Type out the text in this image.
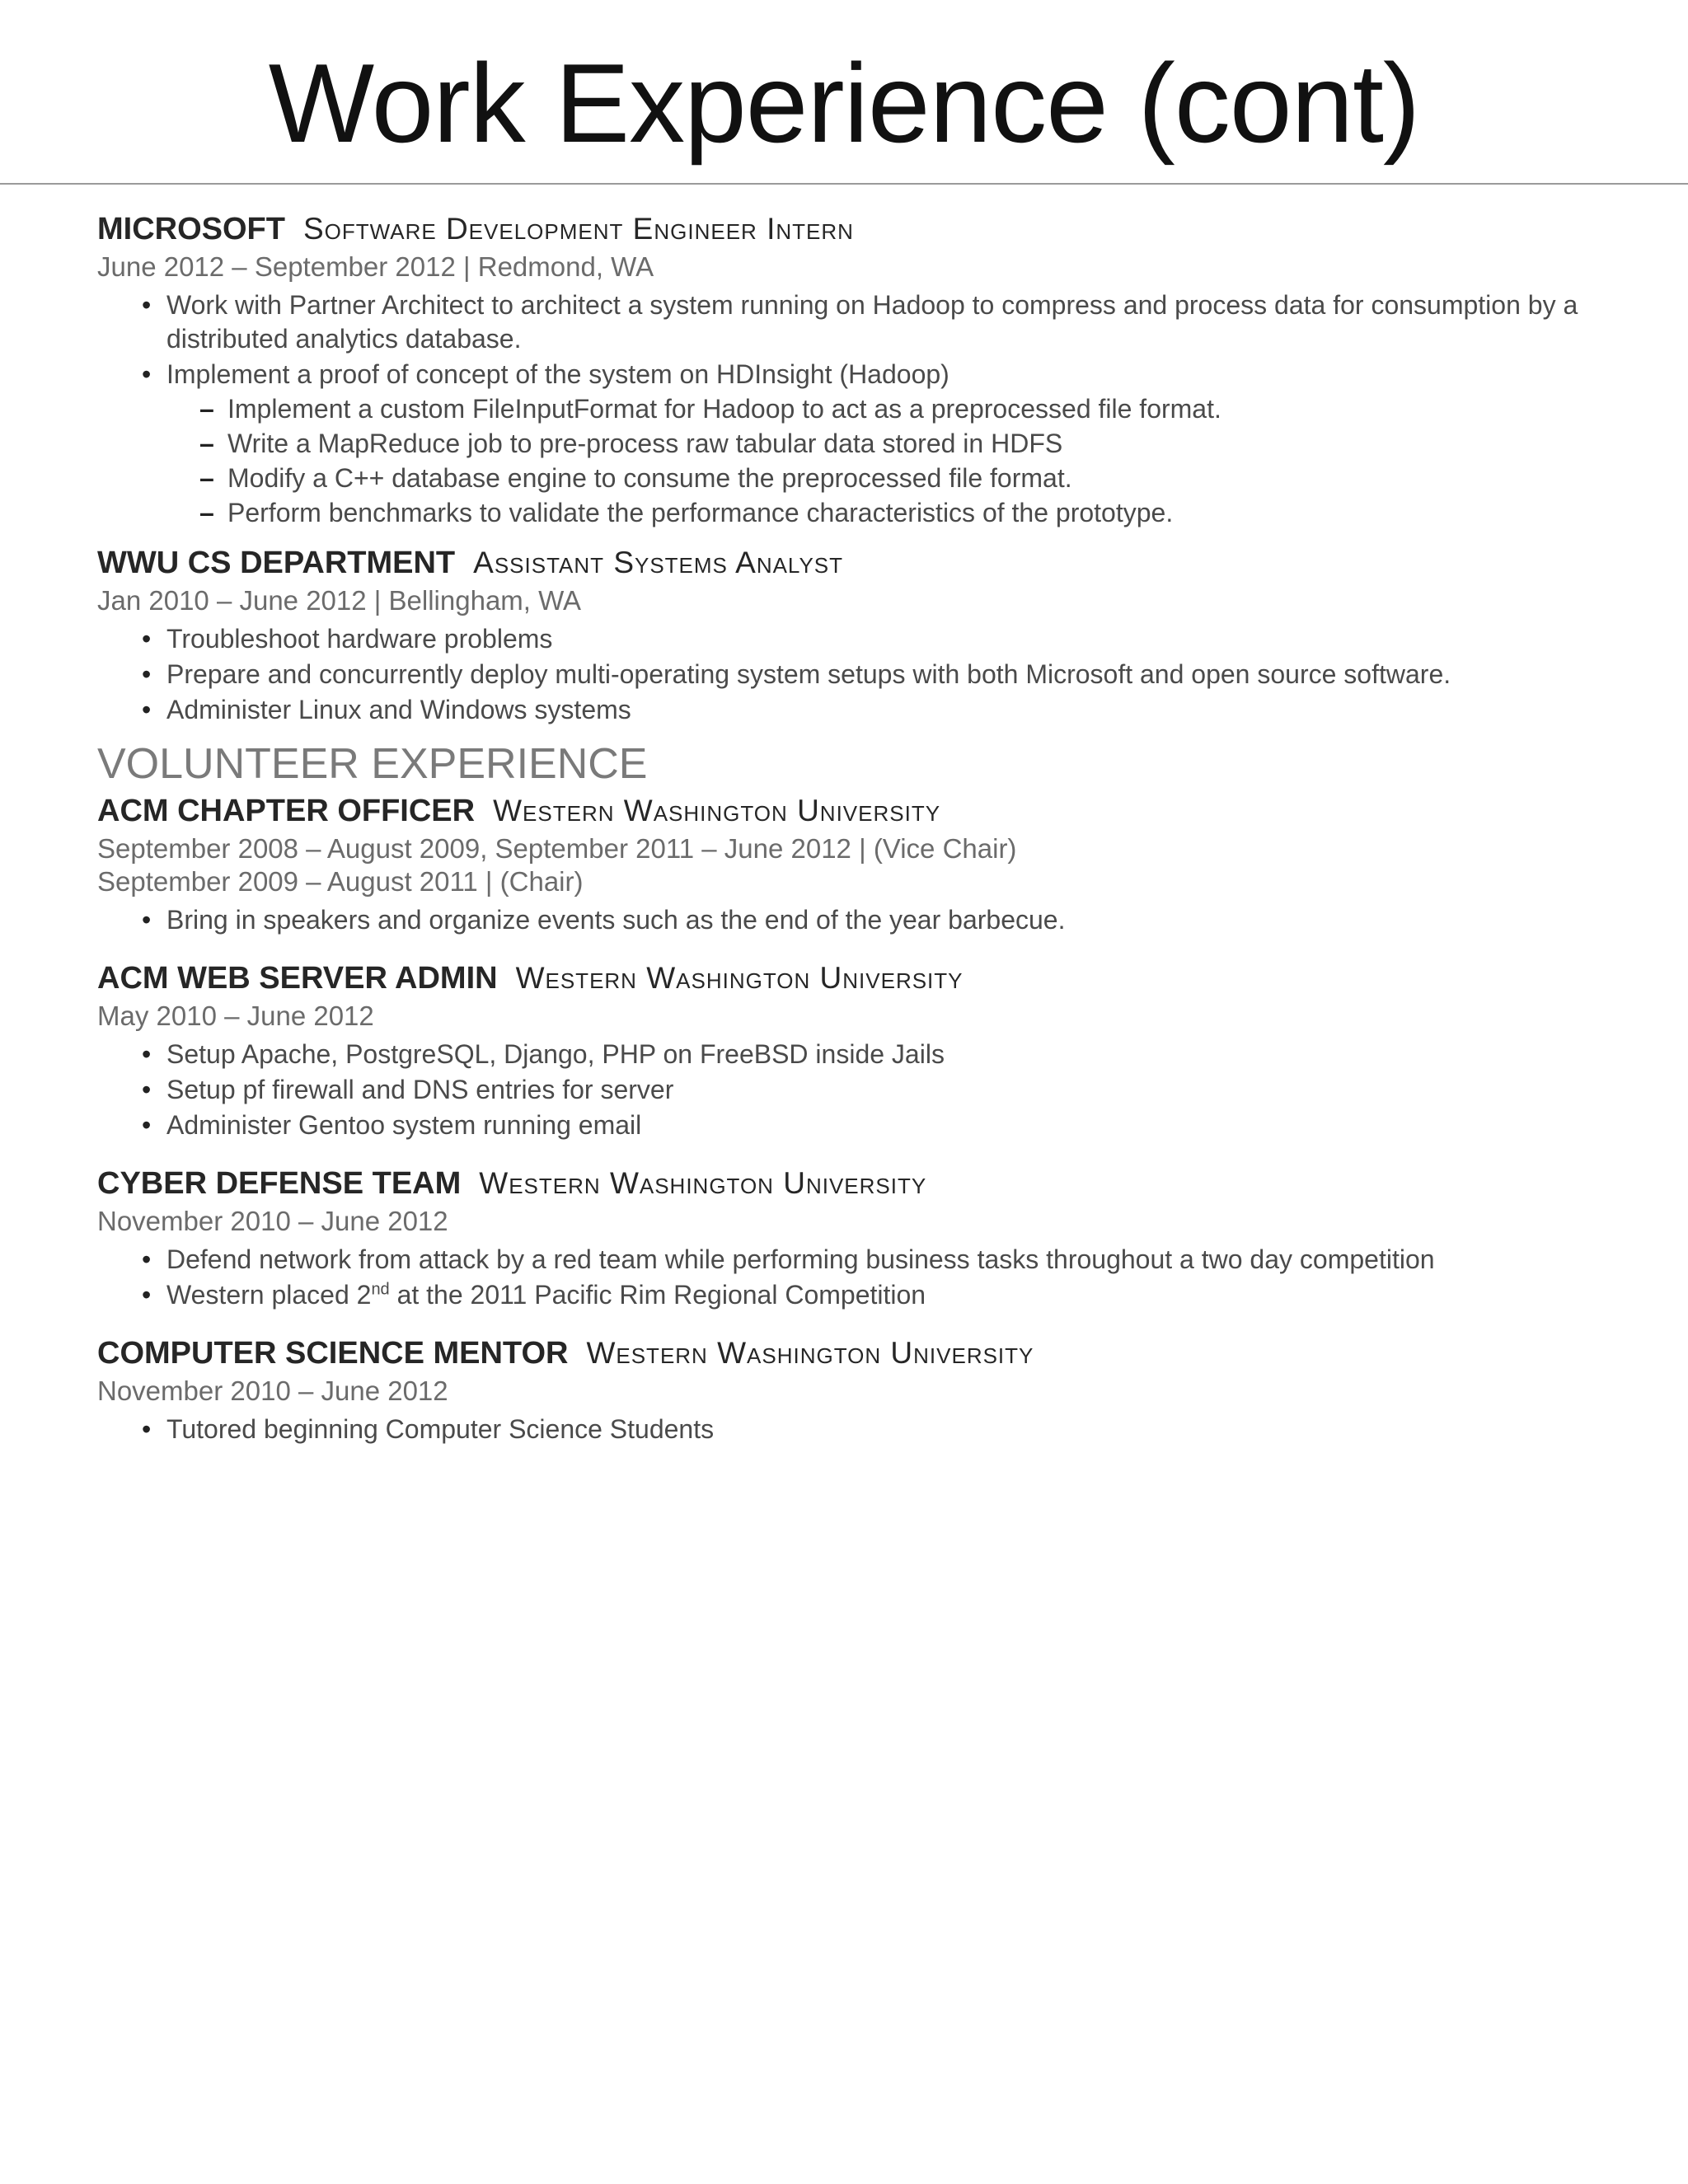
Work Experience (cont)

MICROSOFT Software Development Engineer Intern

June 2012 – September 2012 | Redmond, WA

• Work with Partner Architect to architect a system running on Hadoop to compress and process data for consumption by a distributed analytics database.
• Implement a proof of concept of the system on HDInsight (Hadoop)
– Implement a custom FileInputFormat for Hadoop to act as a preprocessed file format.
– Write a MapReduce job to pre-process raw tabular data stored in HDFS
– Modify a C++ database engine to consume the preprocessed file format.
– Perform benchmarks to validate the performance characteristics of the prototype.

WWU CS DEPARTMENT Assistant Systems Analyst

Jan 2010 – June 2012 | Bellingham, WA

• Troubleshoot hardware problems
• Prepare and concurrently deploy multi-operating system setups with both Microsoft and open source software.
• Administer Linux and Windows systems
VOLUNTEER EXPERIENCE

ACM CHAPTER OFFICER Western Washington University

September 2008 – August 2009, September 2011 – June 2012 | (Vice Chair)

September 2009 – August 2011 | (Chair)

• Bring in speakers and organize events such as the end of the year barbecue.

ACM WEB SERVER ADMIN Western Washington University

May 2010 – June 2012

• Setup Apache, PostgreSQL, Django, PHP on FreeBSD inside Jails
• Setup pf firewall and DNS entries for server
• Administer Gentoo system running email

CYBER DEFENSE TEAM Western Washington University

November 2010 – June 2012

• Defend network from attack by a red team while performing business tasks throughout a two day competition
• Western placed 2nd at the 2011 Pacific Rim Regional Competition

COMPUTER SCIENCE MENTOR Western Washington University

November 2010 – June 2012

• Tutored beginning Computer Science Students
